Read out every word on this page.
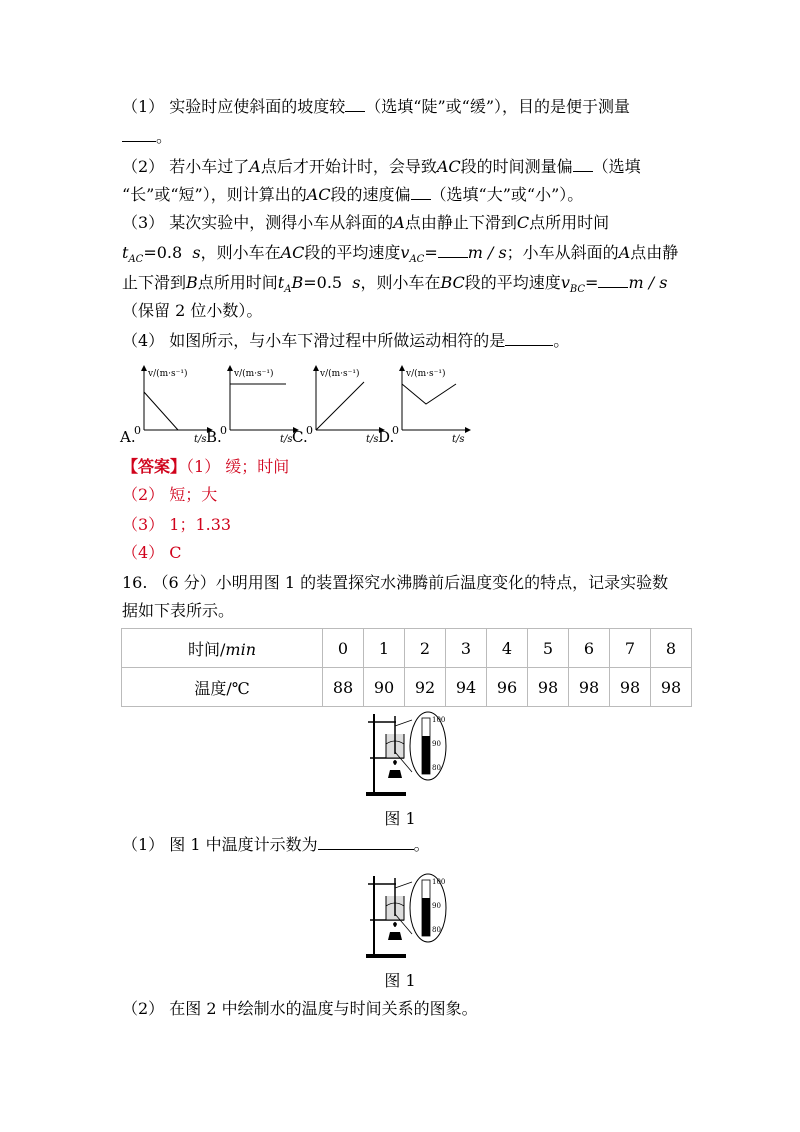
（1） 实验时应使斜面的坡度较 （选填“陡”或“缓”），目的是便于测量
。
（2） 若小车过了A点后才开始计时，会导致AC段的时间测量偏 （选填
“长”或“短”），则计算出的AC段的速度偏 （选填“大”或“小”）。
（3） 某次实验中，测得小车从斜面的A点由静止下滑到C点所用时间
$t_{AC}=0.8$ s，则小车在AC段的平均速度$v_{AC}= m / s$；小车从斜面的A点由静
止下滑到B点所用时间$t_AB=0.5$ s，则小车在BC段的平均速度$v_{BC}= m / s$
（保留 2 位小数）。
（4） 如图所示，与小车下滑过程中所做运动相符的是	。
v/(m·s⁻¹)
t/s
0
v/(m·s⁻¹)
t/s
0
v/(m·s⁻¹)
t/s
0
v/(m·s⁻¹)
t/s
0
A.	B.	C.	D.
【答案】（1） 缓；时间
（2） 短；大
（3） 1；1.33
（4） C
16. （6 分）小明用图 1 的装置探究水沸腾前后温度变化的特点，记录实验数
据如下表所示。
时间/min	0	1	2	3	4	5	6	7	8
温度/℃	88	90	92	94	96	98	98	98	98
100
90
80
图 1
（1） 图 1 中温度计示数为	。
100
90
80
图 1
（2） 在图 2 中绘制水的温度与时间关系的图象。
